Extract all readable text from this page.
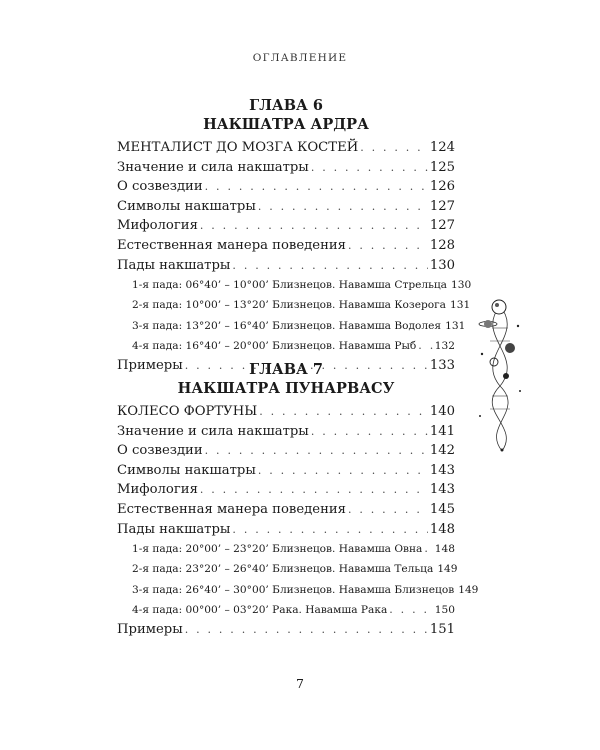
ОГЛАВЛЕНИЕ
ГЛАВА 6
НАКШАТРА АРДРА
МЕНТАЛИСТ ДО МОЗГА КОСТЕЙ . . .	124
Значение и сила накшатры . . .	125
О созвездии . . .	126
Символы накшатры . . .	127
Мифология . . .	127
Естественная манера поведения . . .	128
Пады накшатры . . .	130
1-я пада: 06°40’ – 10°00’ Близнецов. Навамша Стрельца 130
2-я пада: 10°00’ – 13°20’ Близнецов. Навамша Козерога 131
3-я пада: 13°20’ – 16°40’ Близнецов. Навамша Водолея 131
4-я пада: 16°40’ – 20°00’ Близнецов. Навамша Рыб . . . 132
Примеры . . .	133
ГЛАВА 7
НАКШАТРА ПУНАРВАСУ
КОЛЕСО ФОРТУНЫ . . .	140
Значение и сила накшатры . . .	141
О созвездии . . .	142
Символы накшатры . . .	143
Мифология . . .	143
Естественная манера поведения . . .	145
Пады накшатры . . .	148
1-я пада: 20°00’ – 23°20’ Близнецов. Навамша Овна . . . 148
2-я пада: 23°20’ – 26°40’ Близнецов. Навамша Тельца 149
3-я пада: 26°40’ – 30°00’ Близнецов. Навамша Близнецов 149
4-я пада: 00°00’ – 03°20’ Рака. Навамша Рака . . .	150
Примеры . . .	151
7
